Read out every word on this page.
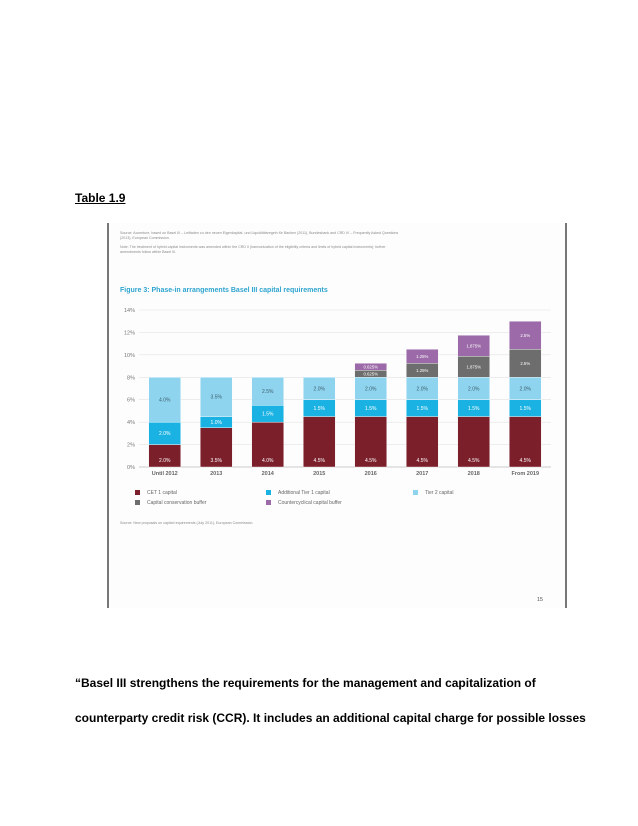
Table 1.9
Source: Accenture, based on Basel III – Leitfaden zu den neuen Eigenkapital- und Liquiditätsregeln für Banken (2011), Bundesbank and CRD IV – Frequently Asked Questions
(2013), European Commission.
Note: The treatment of hybrid capital instruments was amended within the CRD II (harmonization of the eligibility criteria and limits of hybrid capital instruments); further
amendments follow within Basel III.
Figure 3: Phase-in arrangements Basel III capital requirements
0%
2%
4%
6%
8%
10%
12%
14%
2.0%
2.0%
4.0%
Until 2012
3.5%
1.0%
3.5%
2013
4.0%
1.5%
2.5%
2014
4.5%
1.5%
2.0%
2015
4.5%
1.5%
2.0%
0.625%
0.625%
2016
4.5%
1.5%
2.0%
1.25%
1.25%
2017
4.5%
1.5%
2.0%
1.875%
1.875%
2018
4.5%
1.5%
2.0%
2.5%
2.5%
From 2019
CET 1 capital	Additional Tier 1 capital	Tier 2 capital
Capital conservation buffer	Countercyclical capital buffer
Source: New proposals on capital requirements (July 2011), European Commission.
15
“Basel III strengthens the requirements for the management and capitalization of
counterparty credit risk (CCR). It includes an additional capital charge for possible losses
